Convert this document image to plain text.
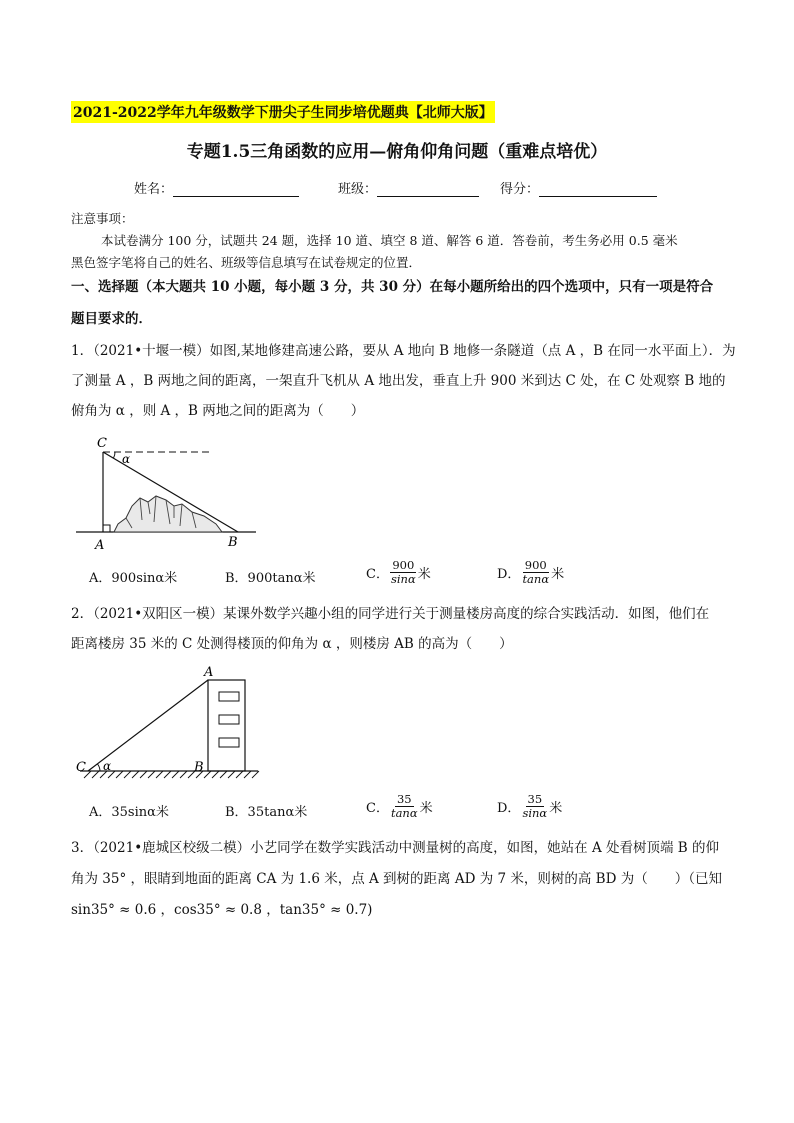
2021-2022学年九年级数学下册尖子生同步培优题典【北师大版】
专题1.5三角函数的应用—俯角仰角问题（重难点培优）
姓名：	班级：	得分：
注意事项：
本试卷满分 100 分，试题共 24 题，选择 10 道、填空 8 道、解答 6 道．答卷前，考生务必用 0.5 毫米
黑色签字笔将自己的姓名、班级等信息填写在试卷规定的位置．
一、选择题（本大题共 10 小题，每小题 3 分，共 30 分）在每小题所给出的四个选项中，只有一项是符合
题目要求的．
1．（2021•十堰一模）如图,某地修建高速公路，要从 A 地向 B 地修一条隧道（点 A ，B 在同一水平面上）．为
了测量 A ，B 两地之间的距离，一架直升飞机从 A 地出发，垂直上升 900 米到达 C 处，在 C 处观察 B 地的
俯角为 α ，则 A ，B 两地之间的距离为（　　）
C
α
A	B
A．900sinα米	B．900tanα米	C． $\frac{900}{\sin\alpha}$ 米	D． $\frac{900}{\tan\alpha}$ 米
2．（2021•双阳区一模）某课外数学兴趣小组的同学进行关于测量楼房高度的综合实践活动．如图，他们在
距离楼房 35 米的 C 处测得楼顶的仰角为 α ，则楼房 AB 的高为（　　）
A
B
C α
A．35sinα米	B．35tanα米	C． $\frac{35}{\tan\alpha}$ 米	D． $\frac{35}{\sin\alpha}$ 米
3．（2021•鹿城区校级二模）小艺同学在数学实践活动中测量树的高度，如图，她站在 A 处看树顶端 B 的仰
角为 35° ，眼睛到地面的距离 CA 为 1.6 米，点 A 到树的距离 AD 为 7 米，则树的高 BD 为（　　）（已知
sin35° ≈ 0.6 ，cos35° ≈ 0.8 ，tan35° ≈ 0.7)
